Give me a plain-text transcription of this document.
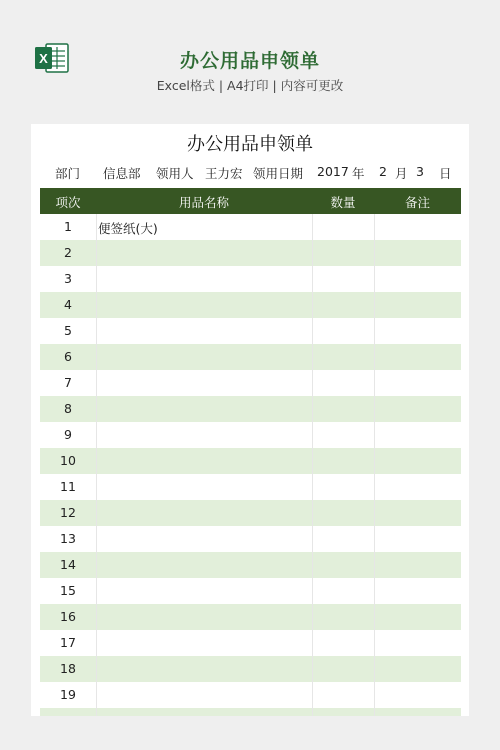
X	办公用品申领单
Excel格式 | A4打印 | 内容可更改
办公用品申领单
部门 信息部 领用人 王力宏 领用日期 2017 年 2 月 3 日
项次	用品名称	数量	备注
1	便签纸(大)
2
3
4
5
6
7
8
9
10
11
12
13
14
15
16
17
18
19
